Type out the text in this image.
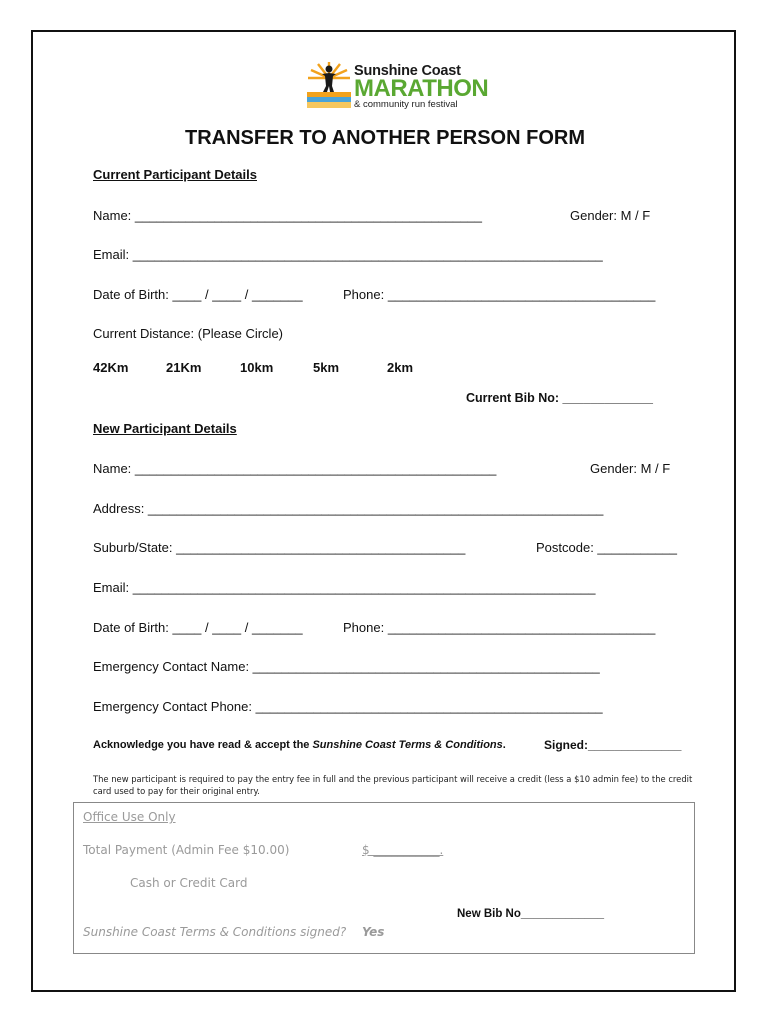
Sunshine Coast
MARATHON
& community run festival
TRANSFER TO ANOTHER PERSON FORM
Current Participant Details
Name: ________________________________________________	Gender: M / F
Email: _________________________________________________________________
Date of Birth: ____ / ____ / _______	Phone: _____________________________________
Current Distance: (Please Circle)
42Km	21Km	10km	5km	2km
Current Bib No: _____________
New Participant Details
Name: __________________________________________________	Gender: M / F
Address: _______________________________________________________________
Suburb/State: ________________________________________	Postcode: ___________
Email: ________________________________________________________________
Date of Birth: ____ / ____ / _______	Phone: _____________________________________
Emergency Contact Name: ________________________________________________
Emergency Contact Phone: ________________________________________________
Acknowledge you have read & accept the Sunshine Coast Terms & Conditions.	Signed:______________
The new participant is required to pay the entry fee in full and the previous participant will receive a credit (less a $10 admin fee) to the credit
card used to pay for their original entry.
Office Use Only
Total Payment (Admin Fee $10.00)	$ ___________.
Cash or Credit Card
New Bib No_____________
Sunshine Coast Terms & Conditions signed? Yes
